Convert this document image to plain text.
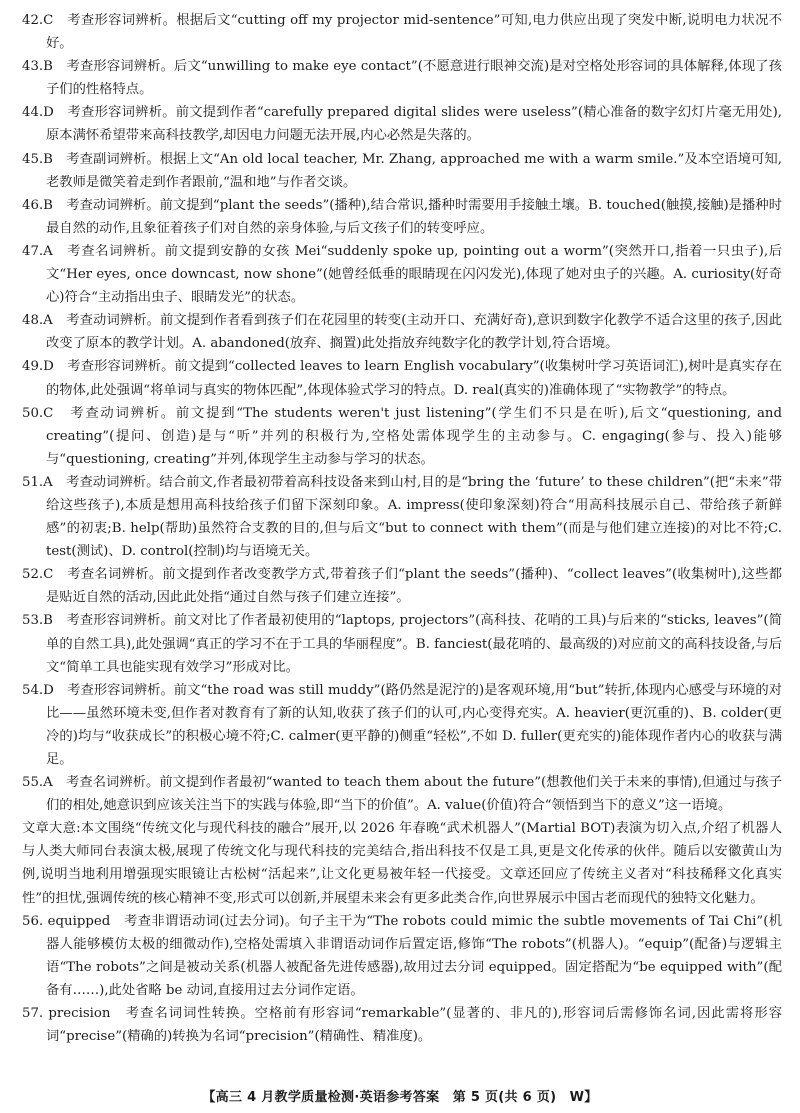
42.C　考查形容词辨析。根据后文“cutting off my projector mid-sentence”可知,电力供应出现了突发中断,说明电力状况不好。

43.B　考查形容词辨析。后文“unwilling to make eye contact”(不愿意进行眼神交流)是对空格处形容词的具体解释,体现了孩子们的性格特点。

44.D　考查形容词辨析。前文提到作者“carefully prepared digital slides were useless”(精心准备的数字幻灯片毫无用处),原本满怀希望带来高科技教学,却因电力问题无法开展,内心必然是失落的。

45.B　考查副词辨析。根据上文“An old local teacher, Mr. Zhang, approached me with a warm smile.”及本空语境可知,老教师是微笑着走到作者跟前,“温和地”与作者交谈。

46.B　考查动词辨析。前文提到“plant the seeds”(播种),结合常识,播种时需要用手接触土壤。B. touched(触摸,接触)是播种时最自然的动作,且象征着孩子们对自然的亲身体验,与后文孩子们的转变呼应。

47.A　考查名词辨析。前文提到安静的女孩 Mei“suddenly spoke up, pointing out a worm”(突然开口,指着一只虫子),后文“Her eyes, once downcast, now shone”(她曾经低垂的眼睛现在闪闪发光),体现了她对虫子的兴趣。A. curiosity(好奇心)符合“主动指出虫子、眼睛发光”的状态。

48.A　考查动词辨析。前文提到作者看到孩子们在花园里的转变(主动开口、充满好奇),意识到数字化教学不适合这里的孩子,因此改变了原本的教学计划。A. abandoned(放弃、搁置)此处指放弃纯数字化的教学计划,符合语境。

49.D　考查形容词辨析。前文提到“collected leaves to learn English vocabulary”(收集树叶学习英语词汇),树叶是真实存在的物体,此处强调“将单词与真实的物体匹配”,体现体验式学习的特点。D. real(真实的)准确体现了“实物教学”的特点。

50.C　考查动词辨析。前文提到“The students weren't just listening”(学生们不只是在听),后文“questioning, and creating”(提问、创造)是与“听”并列的积极行为,空格处需体现学生的主动参与。C. engaging(参与、投入)能够与“questioning, creating”并列,体现学生主动参与学习的状态。

51.A　考查动词辨析。结合前文,作者最初带着高科技设备来到山村,目的是“bring the ‘future’ to these children”(把“未来”带给这些孩子),本质是想用高科技给孩子们留下深刻印象。A. impress(使印象深刻)符合“用高科技展示自己、带给孩子新鲜感”的初衷;B. help(帮助)虽然符合支教的目的,但与后文“but to connect with them”(而是与他们建立连接)的对比不符;C. test(测试)、D. control(控制)均与语境无关。

52.C　考查名词辨析。前文提到作者改变教学方式,带着孩子们“plant the seeds”(播种)、“collect leaves”(收集树叶),这些都是贴近自然的活动,因此此处指“通过自然与孩子们建立连接”。

53.B　考查形容词辨析。前文对比了作者最初使用的“laptops, projectors”(高科技、花哨的工具)与后来的“sticks, leaves”(简单的自然工具),此处强调“真正的学习不在于工具的华丽程度”。B. fanciest(最花哨的、最高级的)对应前文的高科技设备,与后文“简单工具也能实现有效学习”形成对比。

54.D　考查形容词辨析。前文“the road was still muddy”(路仍然是泥泞的)是客观环境,用“but”转折,体现内心感受与环境的对比——虽然环境未变,但作者对教育有了新的认知,收获了孩子们的认可,内心变得充实。A. heavier(更沉重的)、B. colder(更冷的)均与“收获成长”的积极心境不符;C. calmer(更平静的)侧重“轻松”,不如 D. fuller(更充实的)能体现作者内心的收获与满足。

55.A　考查名词辨析。前文提到作者最初“wanted to teach them about the future”(想教他们关于未来的事情),但通过与孩子们的相处,她意识到应该关注当下的实践与体验,即“当下的价值”。A. value(价值)符合“领悟到当下的意义”这一语境。

文章大意:本文围绕“传统文化与现代科技的融合”展开,以 2026 年春晚“武术机器人”(Martial BOT)表演为切入点,介绍了机器人与人类大师同台表演太极,展现了传统文化与现代科技的完美结合,指出科技不仅是工具,更是文化传承的伙伴。随后以安徽黄山为例,说明当地利用增强现实眼镜让古松树“活起来”,让文化更易被年轻一代接受。文章还回应了传统主义者对“科技稀释文化真实性”的担忧,强调传统的核心精神不变,形式可以创新,并展望未来会有更多此类合作,向世界展示中国古老而现代的独特文化魅力。

56. equipped　考查非谓语动词(过去分词)。句子主干为“The robots could mimic the subtle movements of Tai Chi”(机器人能够模仿太极的细微动作),空格处需填入非谓语动词作后置定语,修饰“The robots”(机器人)。“equip”(配备)与逻辑主语“The robots”之间是被动关系(机器人被配备先进传感器),故用过去分词 equipped。固定搭配为“be equipped with”(配备有……),此处省略 be 动词,直接用过去分词作定语。

57. precision　考查名词词性转换。空格前有形容词“remarkable”(显著的、非凡的),形容词后需修饰名词,因此需将形容词“precise”(精确的)转换为名词“precision”(精确性、精准度)。

【高三 4 月教学质量检测·英语参考答案　第 5 页(共 6 页)　W】
